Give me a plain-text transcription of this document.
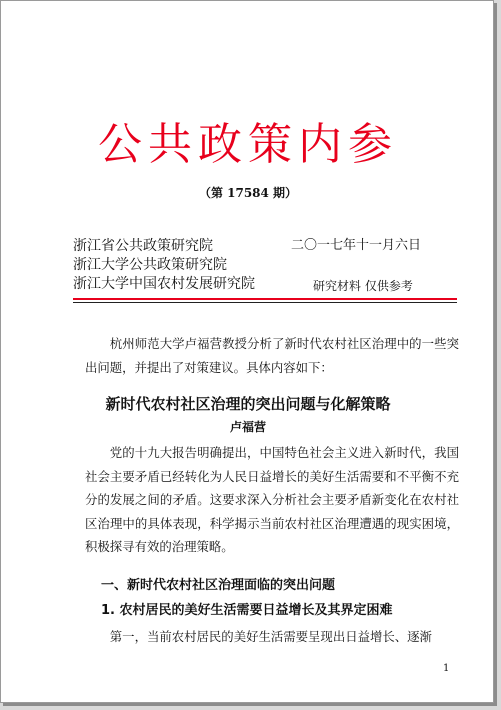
公共政策内参
（第 17584 期）
浙江省公共政策研究院
浙江大学公共政策研究院
浙江大学中国农村发展研究院
二〇一七年十一月六日
研究材料 仅供参考
杭州师范大学卢福营教授分析了新时代农村社区治理中的一些突出问题，并提出了对策建议。具体内容如下：
新时代农村社区治理的突出问题与化解策略
卢福营
党的十九大报告明确提出，中国特色社会主义进入新时代，我国社会主要矛盾已经转化为人民日益增长的美好生活需要和不平衡不充分的发展之间的矛盾。这要求深入分析社会主要矛盾新变化在农村社区治理中的具体表现，科学揭示当前农村社区治理遭遇的现实困境，积极探寻有效的治理策略。
一、新时代农村社区治理面临的突出问题
1. 农村居民的美好生活需要日益增长及其界定困难
第一，当前农村居民的美好生活需要呈现出日益增长、逐渐
1
